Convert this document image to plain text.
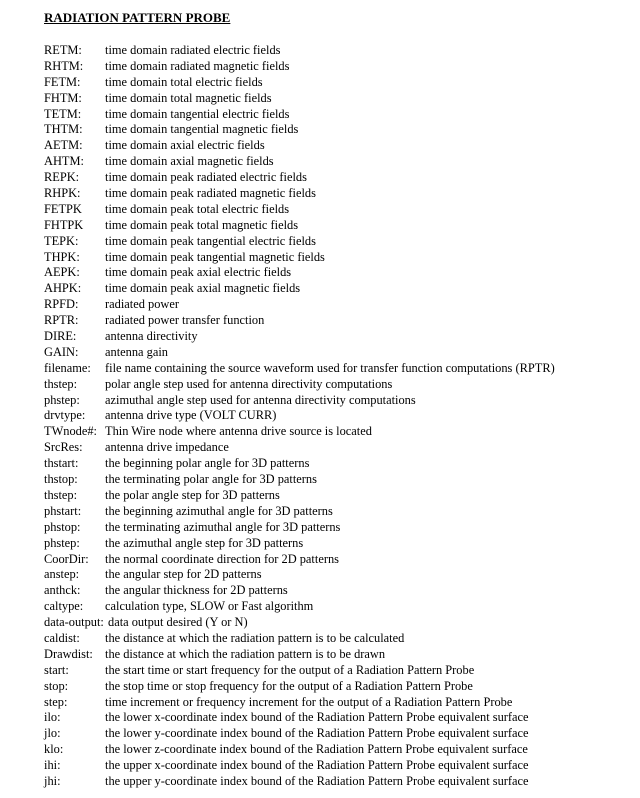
RADIATION PATTERN PROBE
RETM: time domain radiated electric fields
RHTM: time domain radiated magnetic fields
FETM: time domain total electric fields
FHTM: time domain total magnetic fields
TETM: time domain tangential electric fields
THTM: time domain tangential magnetic fields
AETM: time domain axial electric fields
AHTM: time domain axial magnetic fields
REPK: time domain peak radiated electric fields
RHPK: time domain peak radiated magnetic fields
FETPK time domain peak total electric fields
FHTPK time domain peak total magnetic fields
TEPK: time domain peak tangential electric fields
THPK: time domain peak tangential magnetic fields
AEPK: time domain peak axial electric fields
AHPK: time domain peak axial magnetic fields
RPFD: radiated power
RPTR: radiated power transfer function
DIRE: antenna directivity
GAIN: antenna gain
filename: file name containing the source waveform used for transfer function computations (RPTR)
thstep: polar angle step used for antenna directivity computations
phstep: azimuthal angle step used for antenna directivity computations
drvtype: antenna drive type (VOLT CURR)
TWnode#: Thin Wire node where antenna drive source is located
SrcRes: antenna drive impedance
thstart: the beginning polar angle for 3D patterns
thstop: the terminating polar angle for 3D patterns
thstep: the polar angle step for 3D patterns
phstart: the beginning azimuthal angle for 3D patterns
phstop: the terminating azimuthal angle for 3D patterns
phstep: the azimuthal angle step for 3D patterns
CoorDir: the normal coordinate direction for 2D patterns
anstep: the angular step for 2D patterns
anthck: the angular thickness for 2D patterns
caltype: calculation type, SLOW or Fast algorithm
data-output: data output desired (Y or N)
caldist: the distance at which the radiation pattern is to be calculated
Drawdist: the distance at which the radiation pattern is to be drawn
start:	the start time or start frequency for the output of a Radiation Pattern Probe
stop:	the stop time or stop frequency for the output of a Radiation Pattern Probe
step:	time increment or frequency increment for the output of a Radiation Pattern Probe
ilo:	the lower x-coordinate index bound of the Radiation Pattern Probe equivalent surface
jlo:	the lower y-coordinate index bound of the Radiation Pattern Probe equivalent surface
klo:	the lower z-coordinate index bound of the Radiation Pattern Probe equivalent surface
ihi:	the upper x-coordinate index bound of the Radiation Pattern Probe equivalent surface
jhi:	the upper y-coordinate index bound of the Radiation Pattern Probe equivalent surface
